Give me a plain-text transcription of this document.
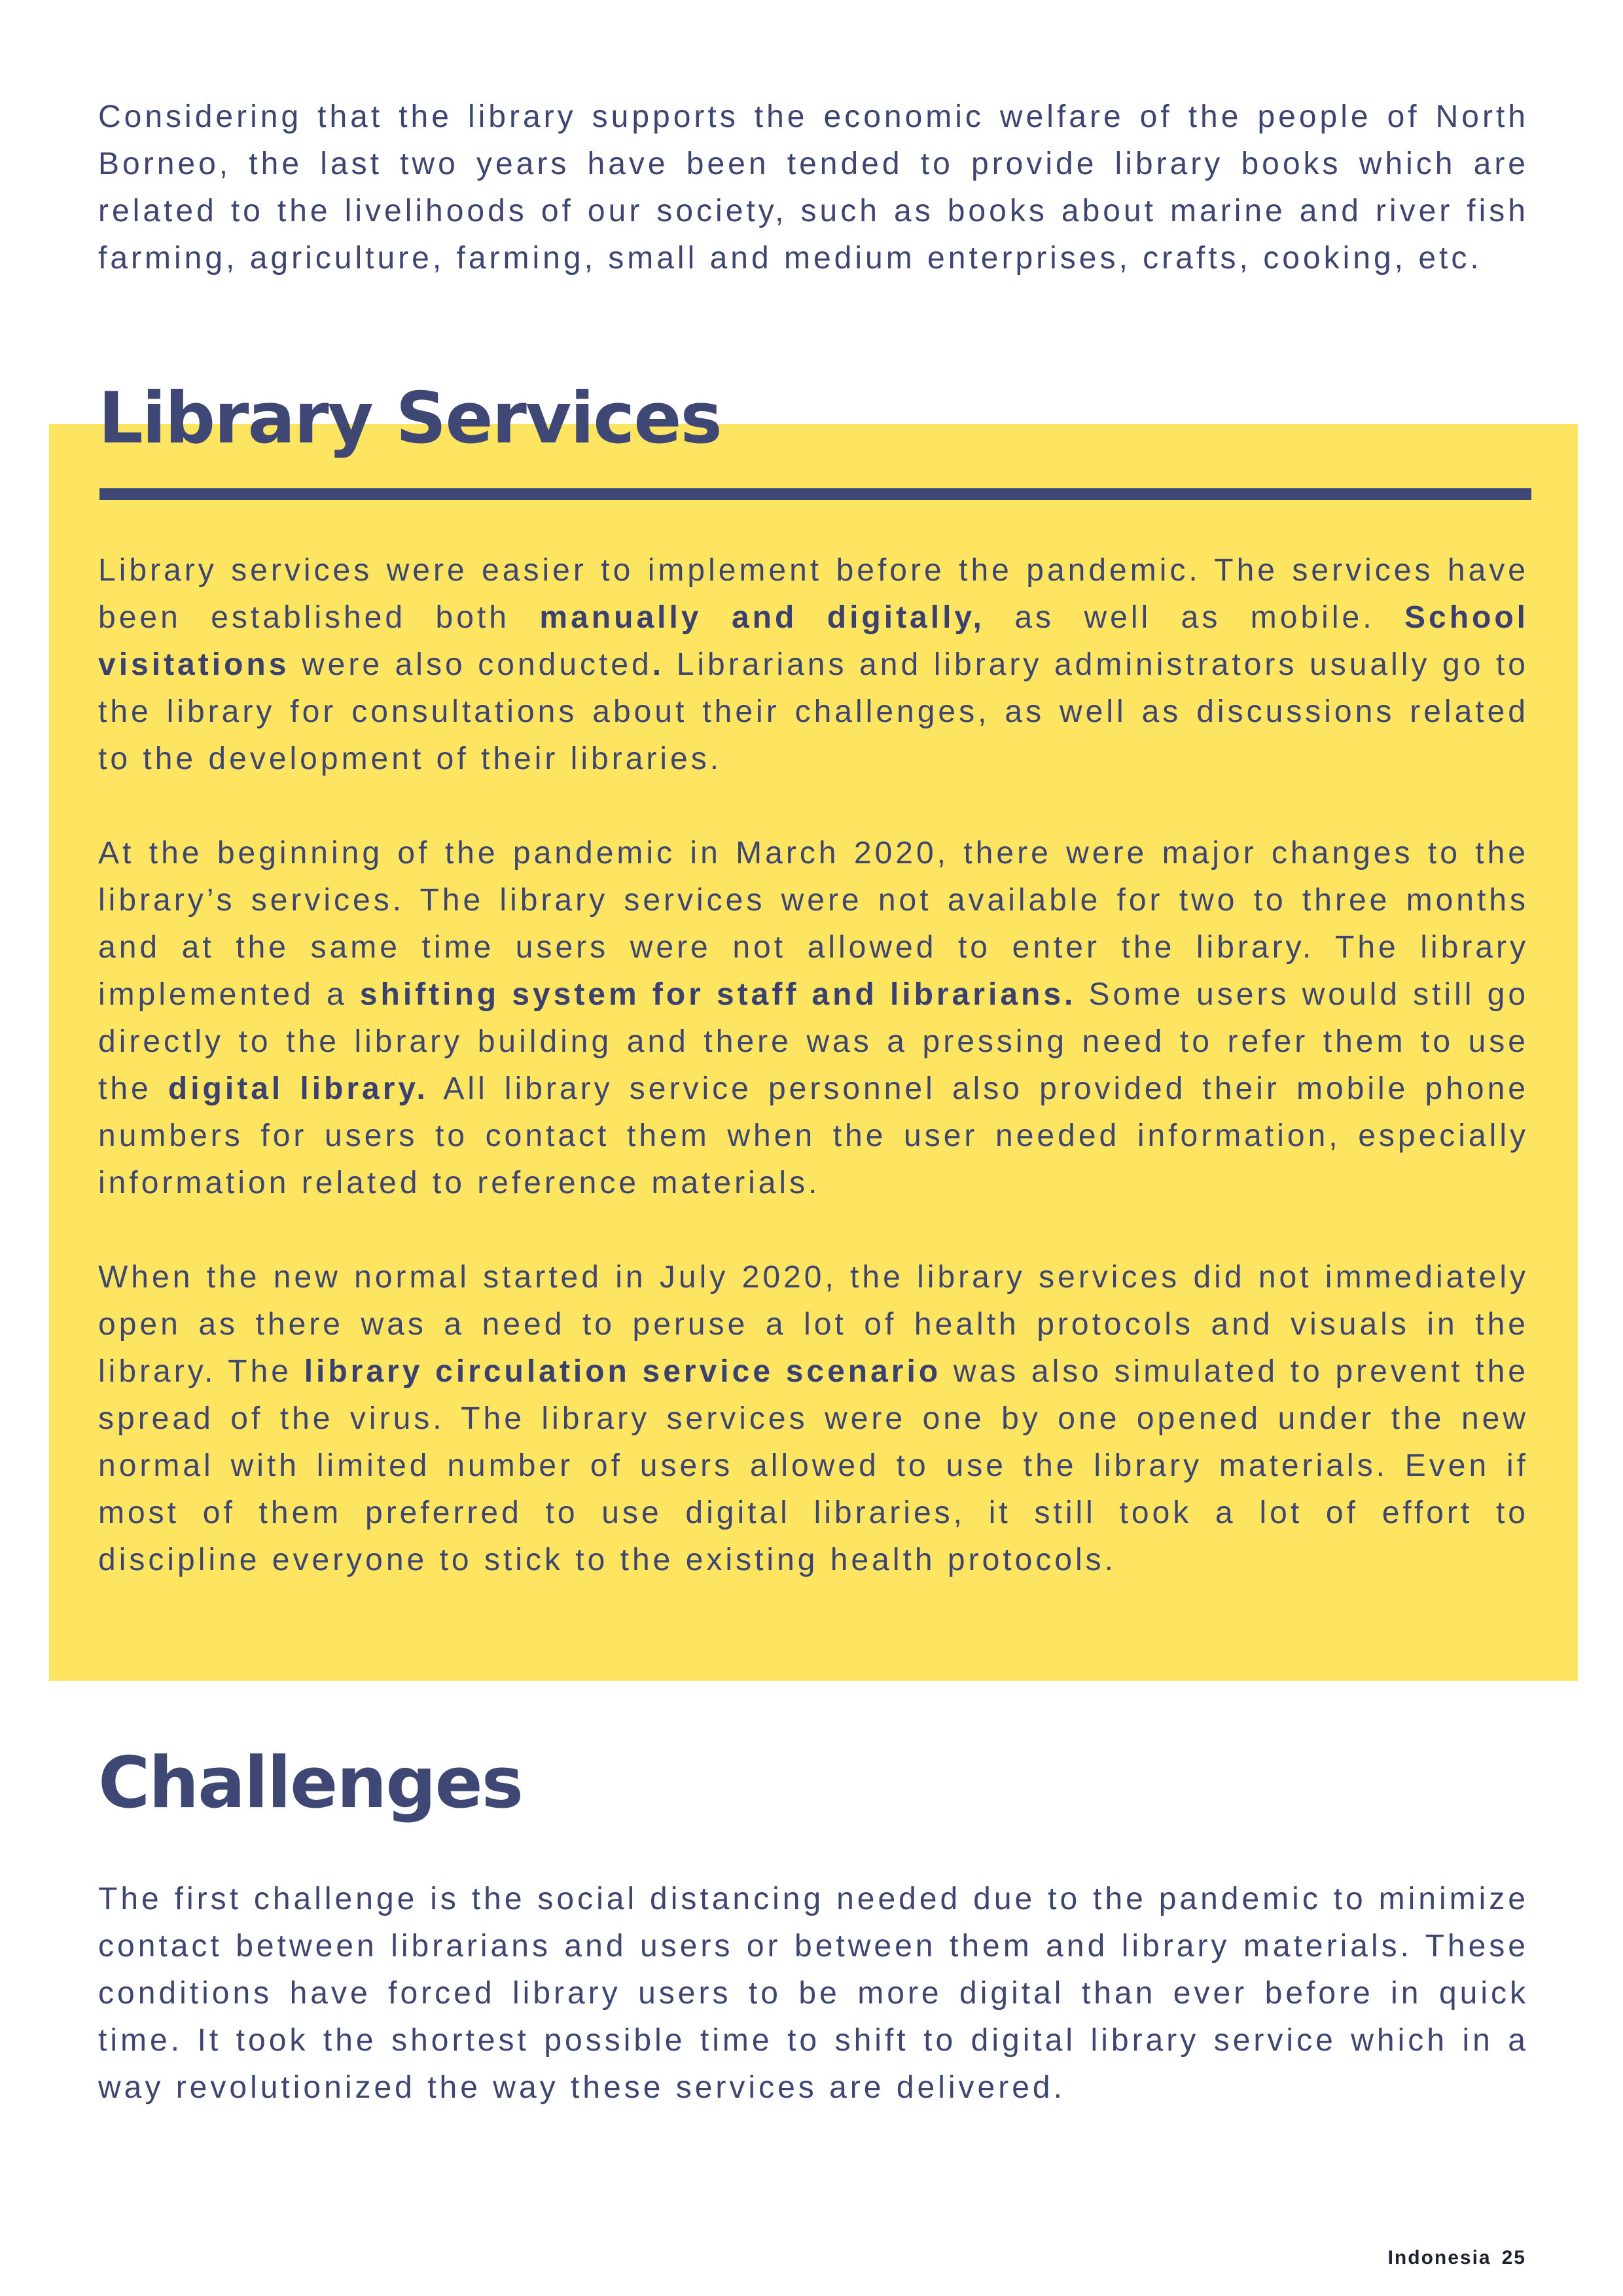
Considering that the library supports the economic welfare of the people of North Borneo, the last two years have been tended to provide library books which are related to the livelihoods of our society, such as books about marine and river fish farming, agriculture, farming, small and medium enterprises, crafts, cooking, etc.

Library Services

Library services were easier to implement before the pandemic. The services have been established both manually and digitally, as well as mobile. School visitations were also conducted. Librarians and library administrators usually go to the library for consultations about their challenges, as well as discussions related to the development of their libraries.

At the beginning of the pandemic in March 2020, there were major changes to the library’s services. The library services were not available for two to three months and at the same time users were not allowed to enter the library. The library implemented a shifting system for staff and librarians. Some users would still go directly to the library building and there was a pressing need to refer them to use the digital library. All library service personnel also provided their mobile phone numbers for users to contact them when the user needed information, especially information related to reference materials.

When the new normal started in July 2020, the library services did not immediately open as there was a need to peruse a lot of health protocols and visuals in the library. The library circulation service scenario was also simulated to prevent the spread of the virus. The library services were one by one opened under the new normal with limited number of users allowed to use the library materials. Even if most of them preferred to use digital libraries, it still took a lot of effort to discipline everyone to stick to the existing health protocols.

Challenges

The first challenge is the social distancing needed due to the pandemic to minimize contact between librarians and users or between them and library materials. These conditions have forced library users to be more digital than ever before in quick time. It took the shortest possible time to shift to digital library service which in a way revolutionized the way these services are delivered.

Indonesia 25
